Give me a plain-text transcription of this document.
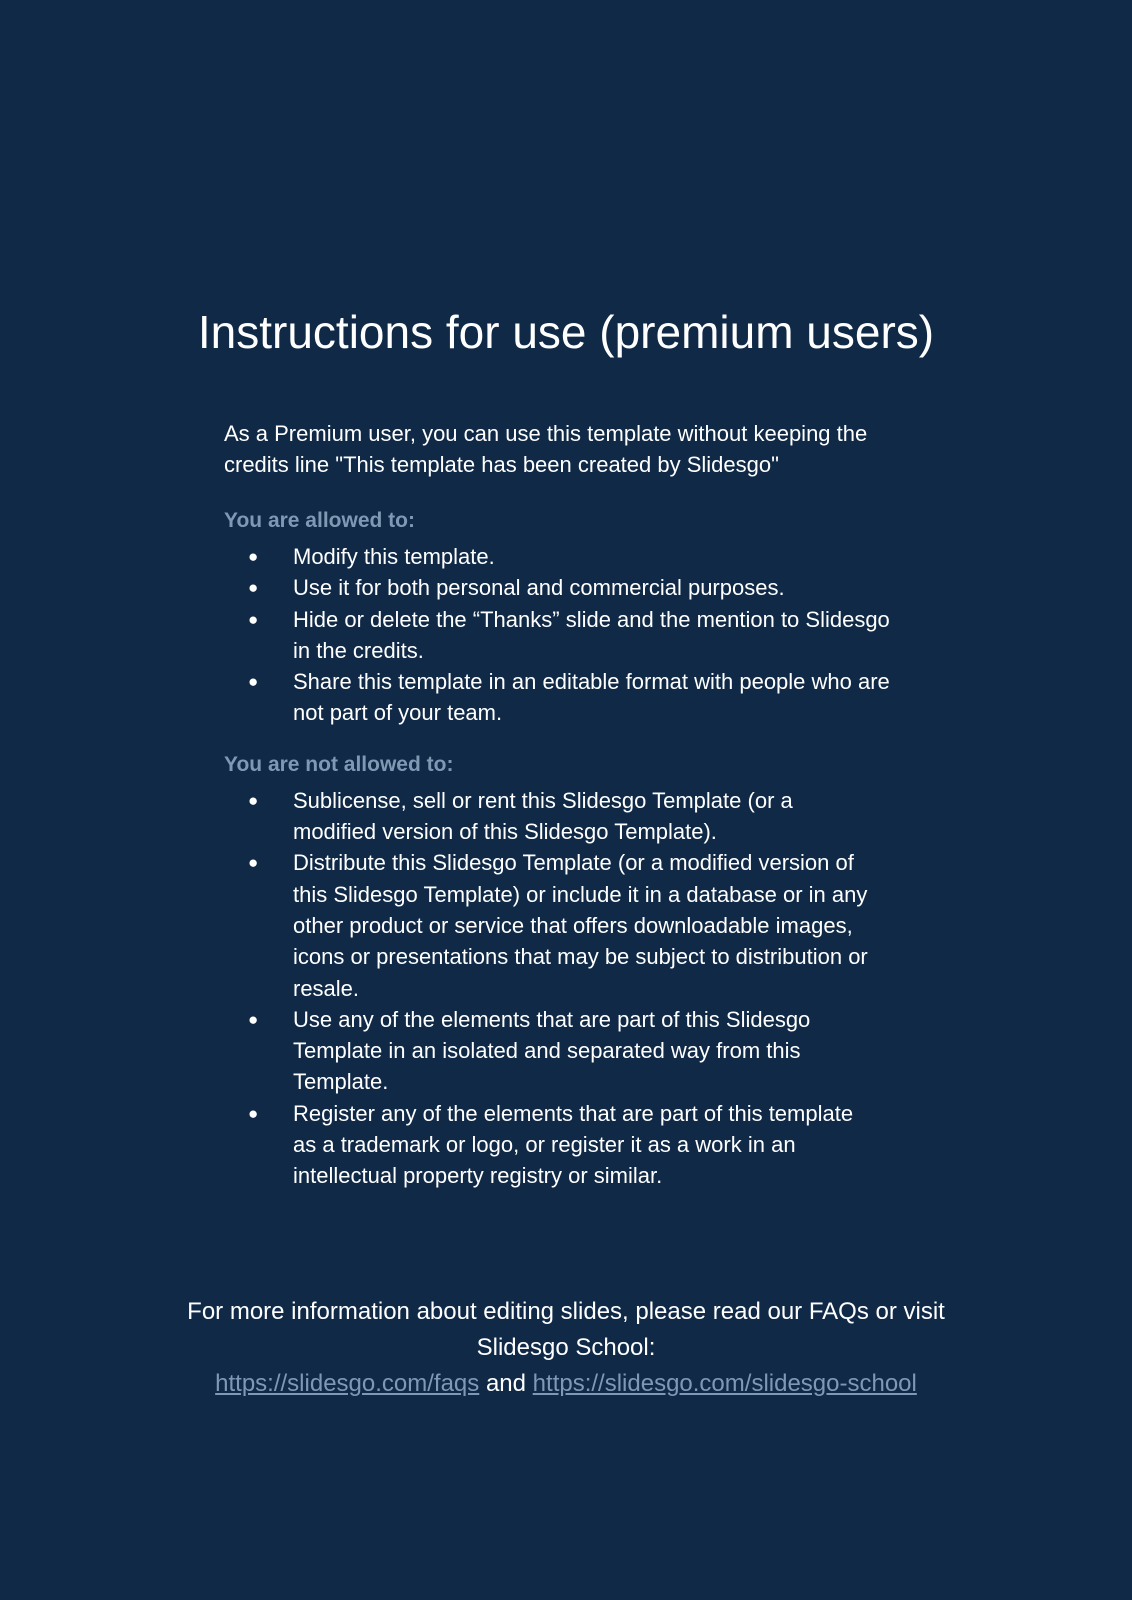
Instructions for use (premium users)

As a Premium user, you can use this template without keeping the credits line "This template has been created by Slidesgo"

You are allowed to:
● Modify this template.
● Use it for both personal and commercial purposes.
● Hide or delete the “Thanks” slide and the mention to Slidesgo in the credits.
● Share this template in an editable format with people who are not part of your team.
You are not allowed to:
● Sublicense, sell or rent this Slidesgo Template (or a modified version of this Slidesgo Template).
● Distribute this Slidesgo Template (or a modified version of this Slidesgo Template) or include it in a database or in any other product or service that offers downloadable images, icons or presentations that may be subject to distribution or resale.
● Use any of the elements that are part of this Slidesgo Template in an isolated and separated way from this Template.
● Register any of the elements that are part of this template as a trademark or logo, or register it as a work in an intellectual property registry or similar.

For more information about editing slides, please read our FAQs or visit Slidesgo School:
https://slidesgo.com/faqs and https://slidesgo.com/slidesgo-school
